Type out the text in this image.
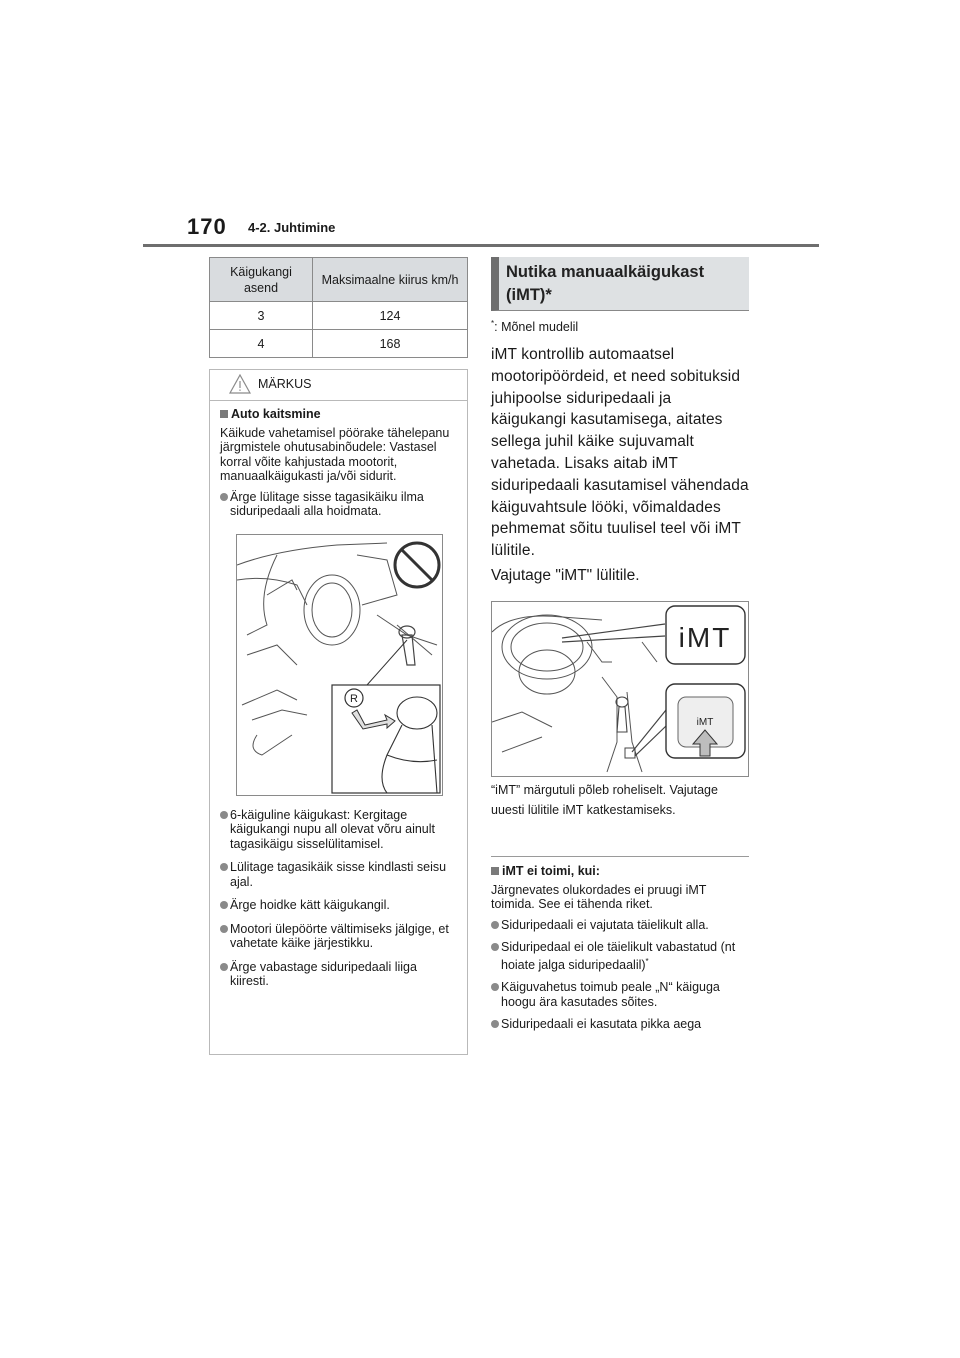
170 4-2. Juhtimine
Käigukangi asend	Maksimaalne kiirus km/h
3	124
4	168
MÄRKUS
Auto kaitsmine
Käikude vahetamisel pöörake tähelepanu järgmistele ohutusabinõudele: Vastasel korral võite kahjustada mootorit, manuaalkäigukasti ja/või sidurit.
Ärge lülitage sisse tagasikäiku ilma siduripedaali alla hoidmata.
R
6-käiguline käigukast: Kergitage käigukangi nupu all olevat võru ainult tagasikäigu sisselülitamisel.
Lülitage tagasikäik sisse kindlasti seisu ajal.
Ärge hoidke kätt käigukangil.
Mootori ülepöörte vältimiseks jälgige, et vahetate käike järjestikku.
Ärge vabastage siduripedaali liiga kiiresti.
Nutika manuaalkäigukast
(iMT)*
*: Mõnel mudelil
iMT kontrollib automaatsel mootoripöördeid, et need sobituksid juhipoolse siduripedaali ja käigukangi kasutamisega, aitates sellega juhil käike sujuvamalt vahetada. Lisaks aitab iMT siduripedaali kasutamisel vähendada käiguvahtsule lööki, võimaldades pehmemat sõitu tuulisel teel või iMT lülitile.
Vajutage "iMT" lülitile.
iMT
iMT
“iMT” märgutuli põleb roheliselt. Vajutage uuesti lülitile iMT katkestamiseks.
iMT ei toimi, kui:
Järgnevates olukordades ei pruugi iMT toimida. See ei tähenda riket.
Siduripedaali ei vajutata täielikult alla.
Siduripedaal ei ole täielikult vabastatud (nt hoiate jalga siduripedaalil)*
Käiguvahetus toimub peale „N“ käiguga hoogu ära kasutades sõites.
Siduripedaali ei kasutata pikka aega
